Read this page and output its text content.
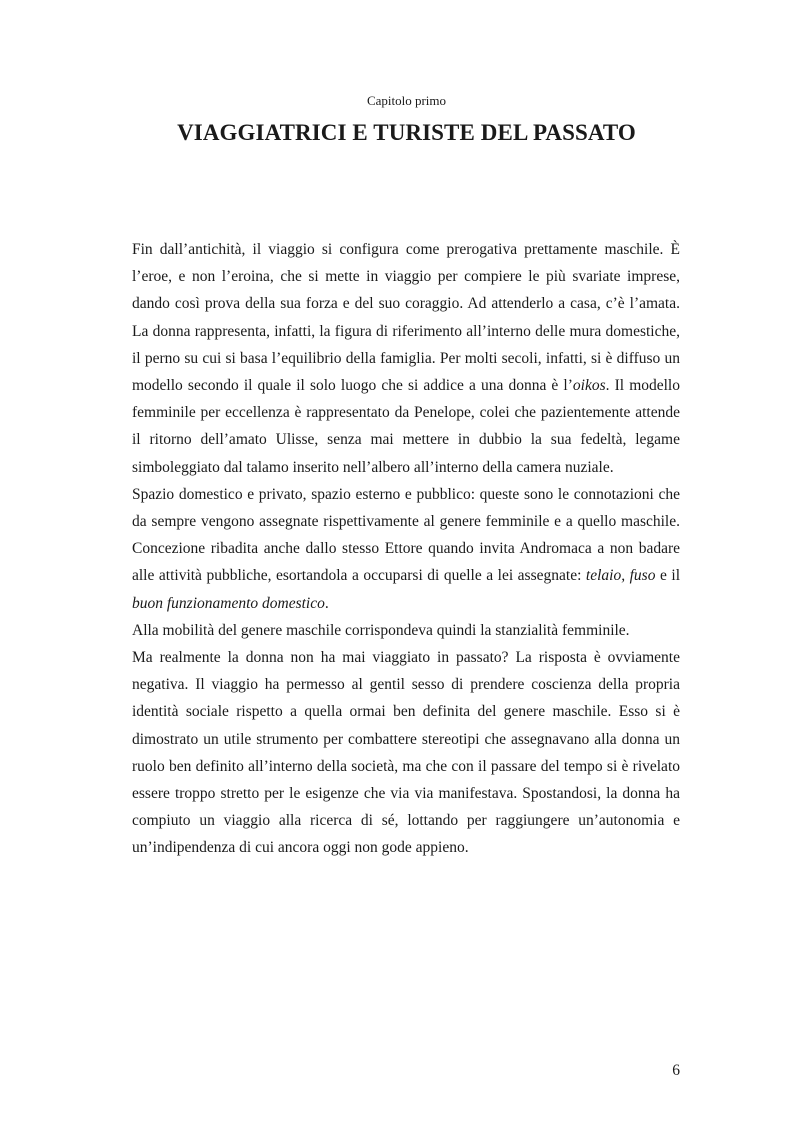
Capitolo primo
VIAGGIATRICI E TURISTE DEL PASSATO

Fin dall’antichità, il viaggio si configura come prerogativa prettamente maschile. È l’eroe, e non l’eroina, che si mette in viaggio per compiere le più svariate imprese, dando così prova della sua forza e del suo coraggio. Ad attenderlo a casa, c’è l’amata. La donna rappresenta, infatti, la figura di riferimento all’interno delle mura domestiche, il perno su cui si basa l’equilibrio della famiglia. Per molti secoli, infatti, si è diffuso un modello secondo il quale il solo luogo che si addice a una donna è l’oikos. Il modello femminile per eccellenza è rappresentato da Penelope, colei che pazientemente attende il ritorno dell’amato Ulisse, senza mai mettere in dubbio la sua fedeltà, legame simboleggiato dal talamo inserito nell’albero all’interno della camera nuziale.

Spazio domestico e privato, spazio esterno e pubblico: queste sono le connotazioni che da sempre vengono assegnate rispettivamente al genere femminile e a quello maschile. Concezione ribadita anche dallo stesso Ettore quando invita Andromaca a non badare alle attività pubbliche, esortandola a occuparsi di quelle a lei assegnate: telaio, fuso e il buon funzionamento domestico.

Alla mobilità del genere maschile corrispondeva quindi la stanzialità femminile.

Ma realmente la donna non ha mai viaggiato in passato? La risposta è ovviamente negativa. Il viaggio ha permesso al gentil sesso di prendere coscienza della propria identità sociale rispetto a quella ormai ben definita del genere maschile. Esso si è dimostrato un utile strumento per combattere stereotipi che assegnavano alla donna un ruolo ben definito all’interno della società, ma che con il passare del tempo si è rivelato essere troppo stretto per le esigenze che via via manifestava. Spostandosi, la donna ha compiuto un viaggio alla ricerca di sé, lottando per raggiungere un’autonomia e un’indipendenza di cui ancora oggi non gode appieno.

6
